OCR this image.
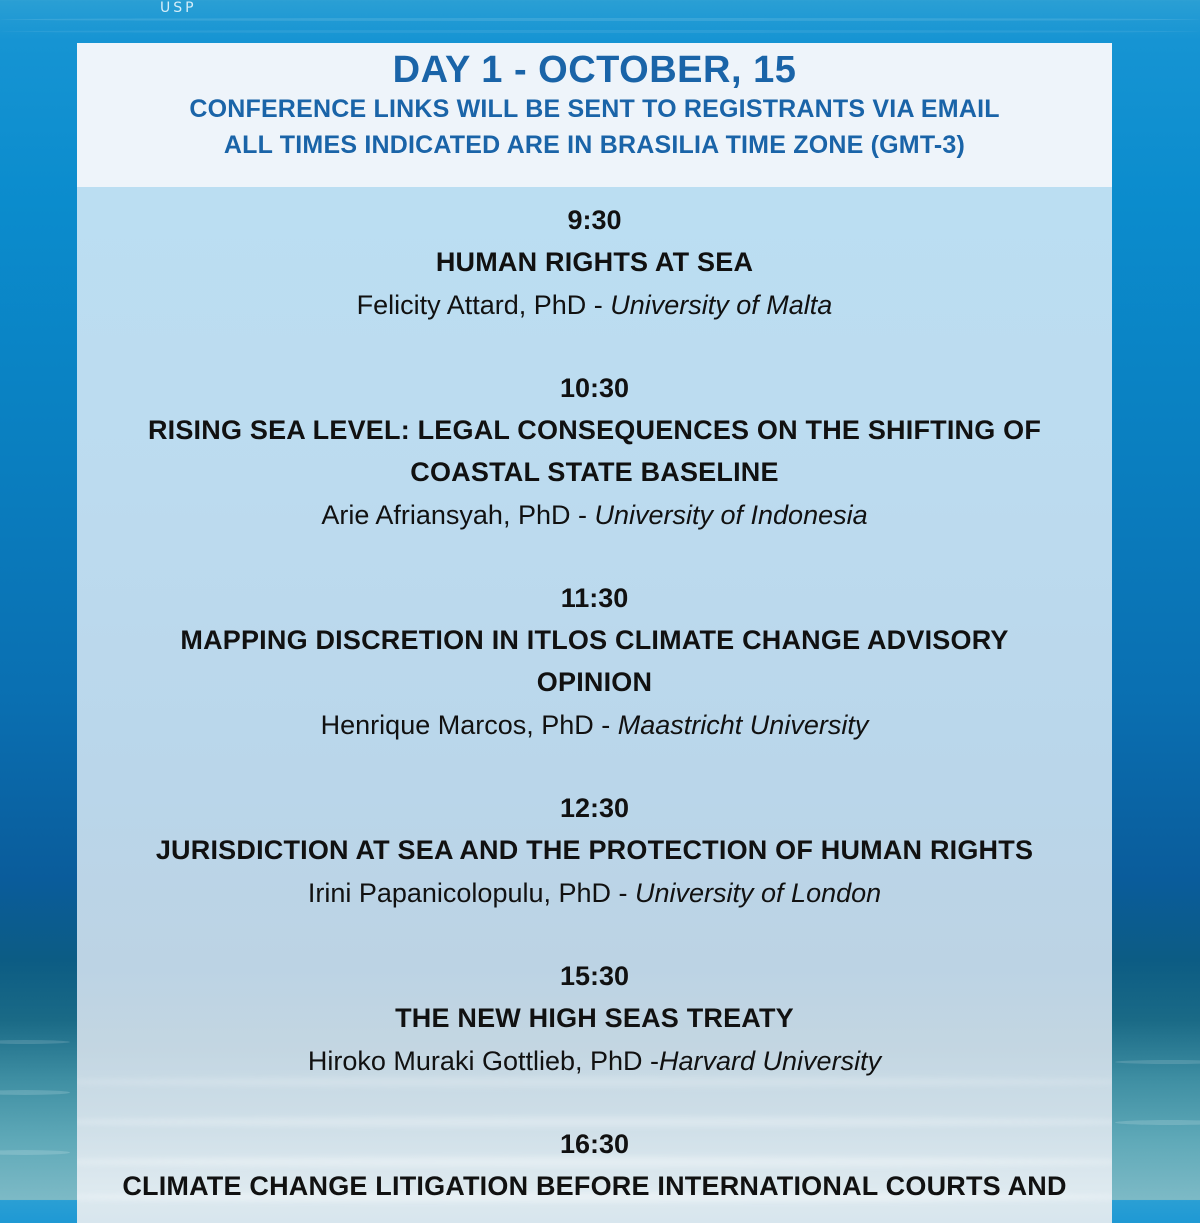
USP
DAY 1 - OCTOBER, 15
CONFERENCE LINKS WILL BE SENT TO REGISTRANTS VIA EMAIL
ALL TIMES INDICATED ARE IN BRASILIA TIME ZONE (GMT-3)
9:30
HUMAN RIGHTS AT SEA
Felicity Attard, PhD - University of Malta
10:30
RISING SEA LEVEL: LEGAL CONSEQUENCES ON THE SHIFTING OF
COASTAL STATE BASELINE
Arie Afriansyah, PhD - University of Indonesia
11:30
MAPPING DISCRETION IN ITLOS CLIMATE CHANGE ADVISORY
OPINION
Henrique Marcos, PhD - Maastricht University
12:30
JURISDICTION AT SEA AND THE PROTECTION OF HUMAN RIGHTS
Irini Papanicolopulu, PhD - University of London
15:30
THE NEW HIGH SEAS TREATY
Hiroko Muraki Gottlieb, PhD -Harvard University
16:30
CLIMATE CHANGE LITIGATION BEFORE INTERNATIONAL COURTS AND
